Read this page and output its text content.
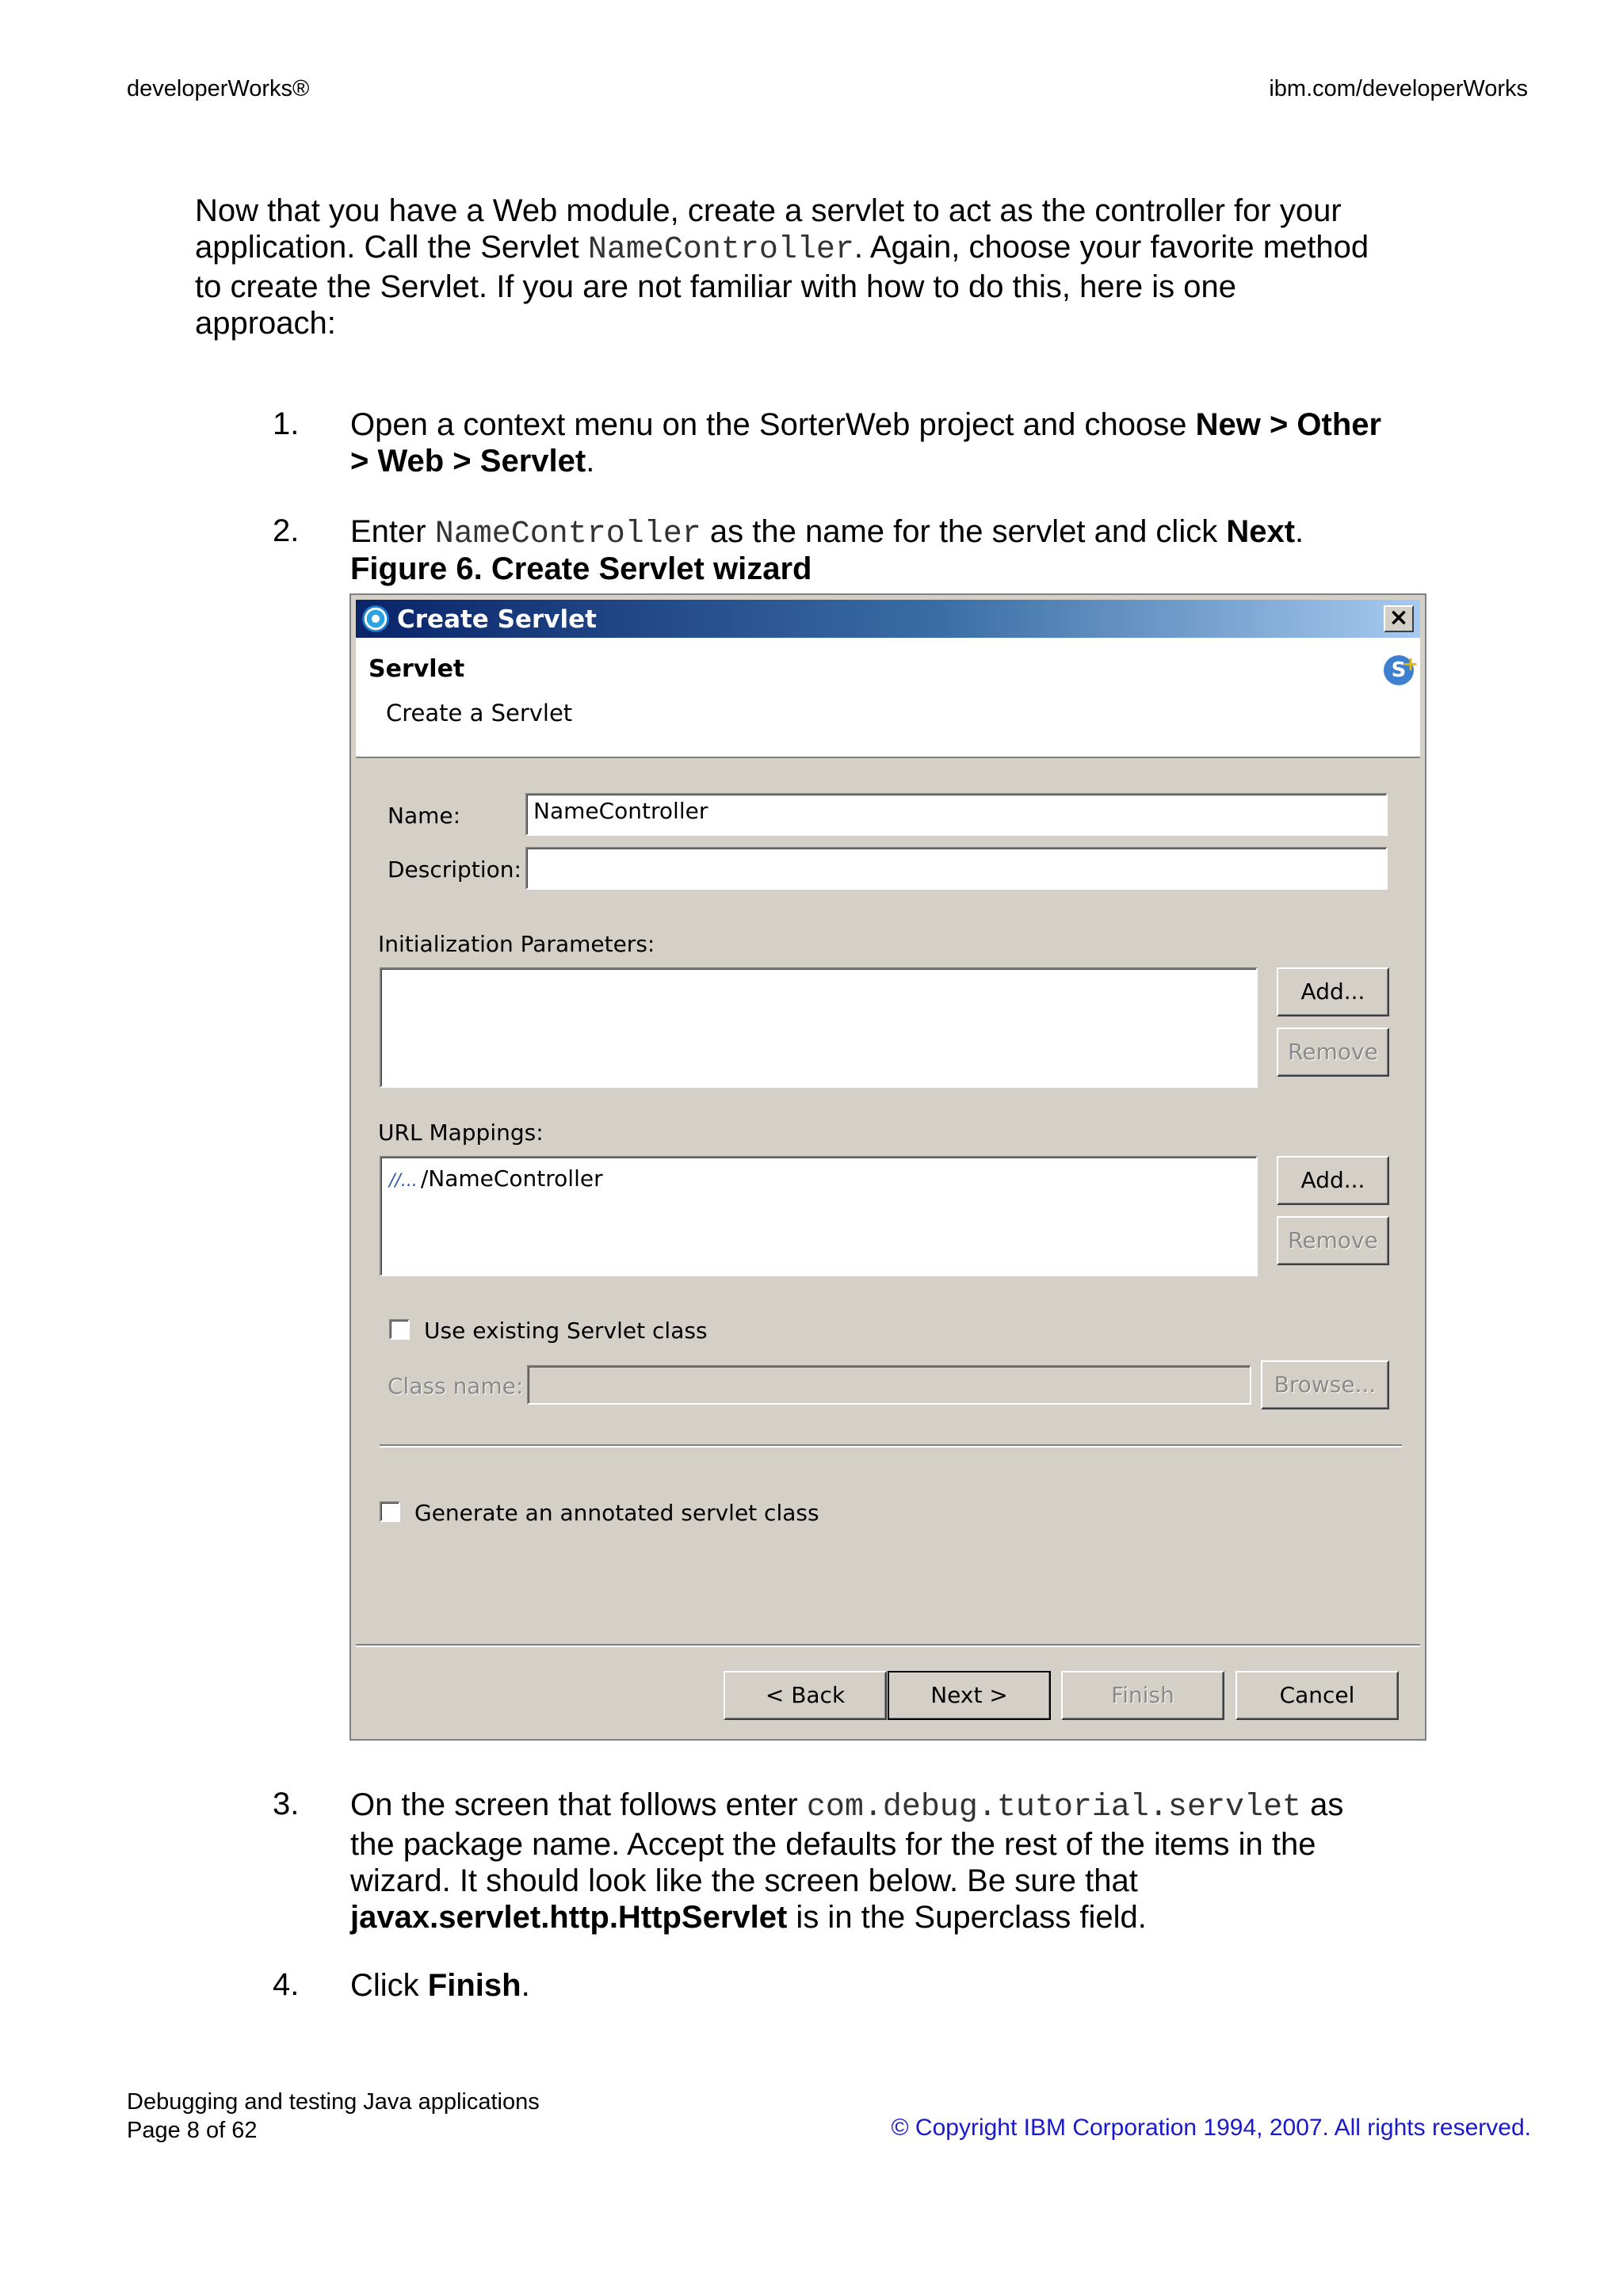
developerWorks®	ibm.com/developerWorks
Now that you have a Web module, create a servlet to act as the controller for your
application. Call the Servlet NameController. Again, choose your favorite method
to create the Servlet. If you are not familiar with how to do this, here is one
approach:
1. Open a context menu on the SorterWeb project and choose New > Other
> Web > Servlet.
2. Enter NameController as the name for the servlet and click Next.
Figure 6. Create Servlet wizard
Create Servlet	×
Servlet
Create a Servlet
S
+
Name:	NameController
Description:
Initialization Parameters:
Add...
Remove
URL Mappings:
//... /NameController	Add...
Remove
Use existing Servlet class
Class name:	Browse...
Generate an annotated servlet class
< Back	Next >	Finish	Cancel
3. On the screen that follows enter com.debug.tutorial.servlet as
the package name. Accept the defaults for the rest of the items in the
wizard. It should look like the screen below. Be sure that
javax.servlet.http.HttpServlet is in the Superclass field.
4. Click Finish.
Debugging and testing Java applications
Page 8 of 62	© Copyright IBM Corporation 1994, 2007. All rights reserved.
